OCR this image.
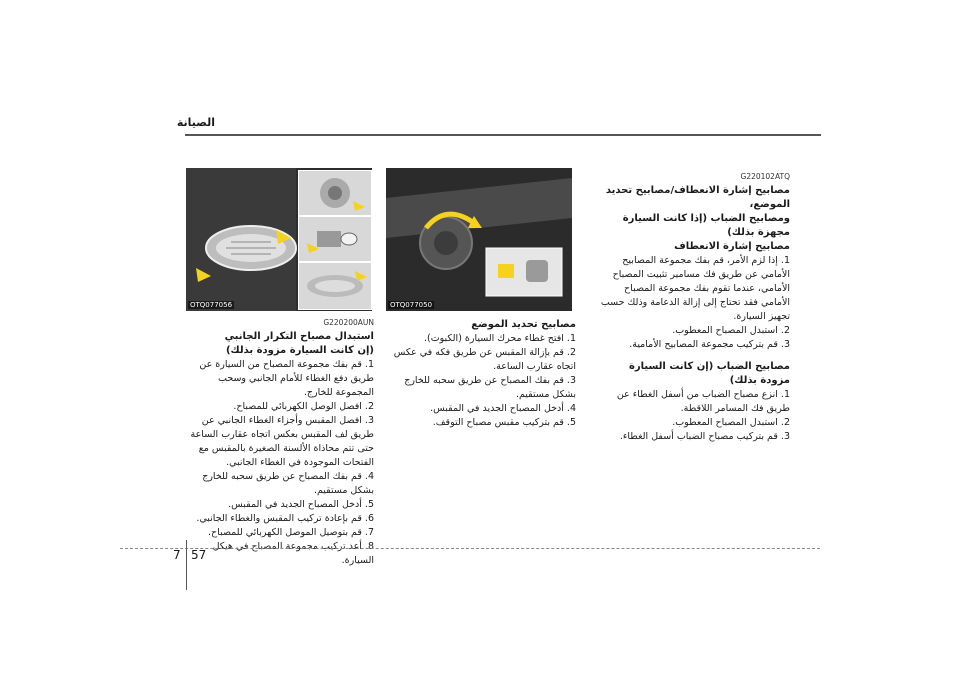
الصيانة
OTQ077056	OTQ077050

G220102ATQ

مصابيح إشارة الانعطاف/مصابيح تحديد الموضع،

ومصابيح الضباب (إذا كانت السيارة مجهزة بذلك)

مصابيح إشارة الانعطاف

1. إذا لزم الأمر، قم بفك مجموعة المصابيح الأمامي عن طريق فك مسامير تثبيت المصباح الأمامي، عندما تقوم بفك مجموعة المصباح الأمامي فقد تحتاج إلى إزالة الدعامة وذلك حسب تجهيز السيارة.

2. استبدل المصباح المعطوب.

3. قم بتركيب مجموعة المصابيح الأمامية.

مصابيح الضباب (إن كانت السيارة مزودة بذلك)

1. انزع مصباح الضباب من أسفل الغطاء عن طريق فك المسامر اللاقطة.

2. استبدل المصباح المعطوب.

3. قم بتركيب مصباح الضباب أسفل الغطاء.

مصابيح تحديد الموضع

1. افتح غطاء محرك السيارة (الكبوت).

2. قم بإزالة المقبس عن طريق فكه في عكس اتجاه عقارب الساعة.

3. قم بفك المصباح عن طريق سحبه للخارج بشكل مستقيم.

4. أدخل المصباح الجديد في المقبس.

5. قم بتركيب مقبس مصباح التوقف.

G220200AUN

استبدال مصباح التكرار الجانبي

(إن كانت السيارة مزودة بذلك)

1. قم بفك مجموعة المصباح من السيارة عن طريق دفع الغطاء للأمام الجانبي وسحب المجموعة للخارج.

2. افصل الوصل الكهربائي للمصباح.

3. افصل المقبس وأجزاء الغطاء الجانبي عن طريق لف المقبس بعكس اتجاه عقارب الساعة حتى تتم محاذاة الألسنة الصغيرة بالمقبس مع الفتحات الموجودة في الغطاء الجانبي.

4. قم بفك المصباح عن طريق سحبه للخارج بشكل مستقيم.

5. أدخل المصباح الجديد في المقبس.

6. قم بإعادة تركيب المقبس والغطاء الجانبي.

7. قم بتوصيل الموصل الكهربائي للمصباح.

8. أعد تركيب مجموعة المصباح في هيكل السيارة.

7 57
